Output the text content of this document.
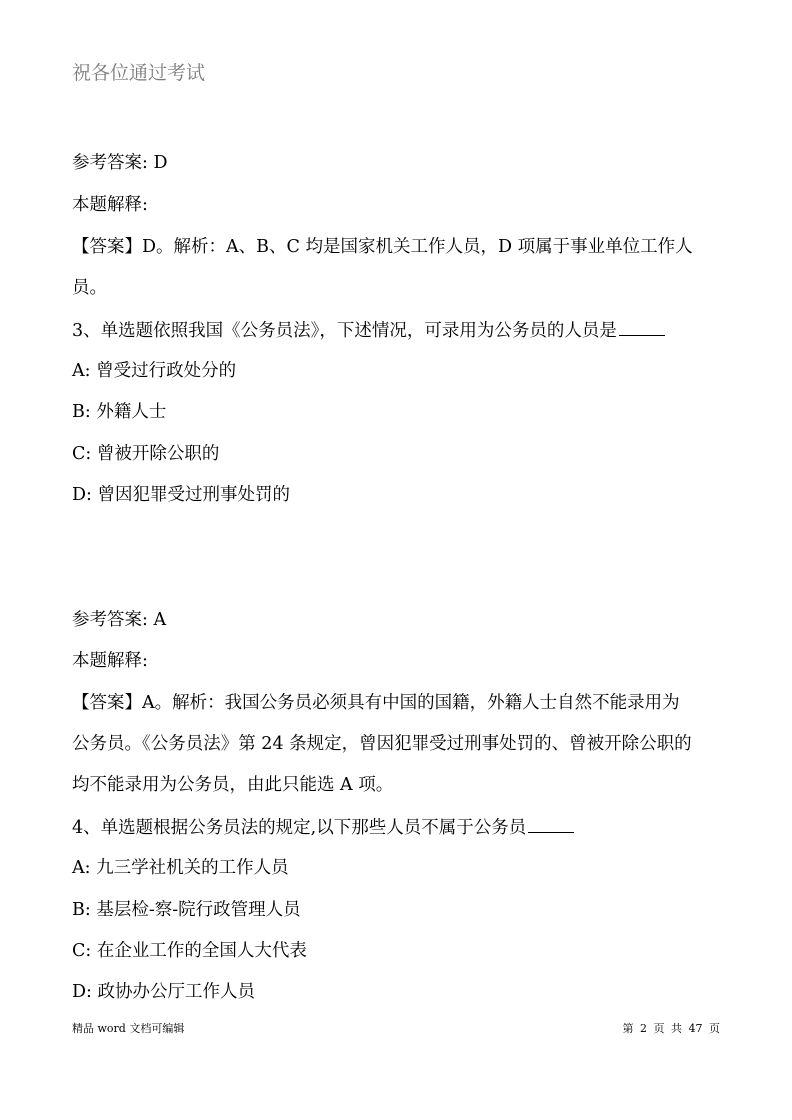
祝各位通过考试
参考答案: D
本题解释:
【答案】D。解析：A、B、C 均是国家机关工作人员，D 项属于事业单位工作人
员。
3、单选题依照我国《公务员法》，下述情况，可录用为公务员的人员是
A: 曾受过行政处分的
B: 外籍人士
C: 曾被开除公职的
D: 曾因犯罪受过刑事处罚的
参考答案: A
本题解释:
【答案】A。解析：我国公务员必须具有中国的国籍，外籍人士自然不能录用为
公务员。《公务员法》第 24 条规定，曾因犯罪受过刑事处罚的、曾被开除公职的
均不能录用为公务员，由此只能选 A 项。
4、单选题根据公务员法的规定,以下那些人员不属于公务员
A: 九三学社机关的工作人员
B: 基层检-察-院行政管理人员
C: 在企业工作的全国人大代表
D: 政协办公厅工作人员
精品 word 文档可编辑	第 2 页 共 47 页
